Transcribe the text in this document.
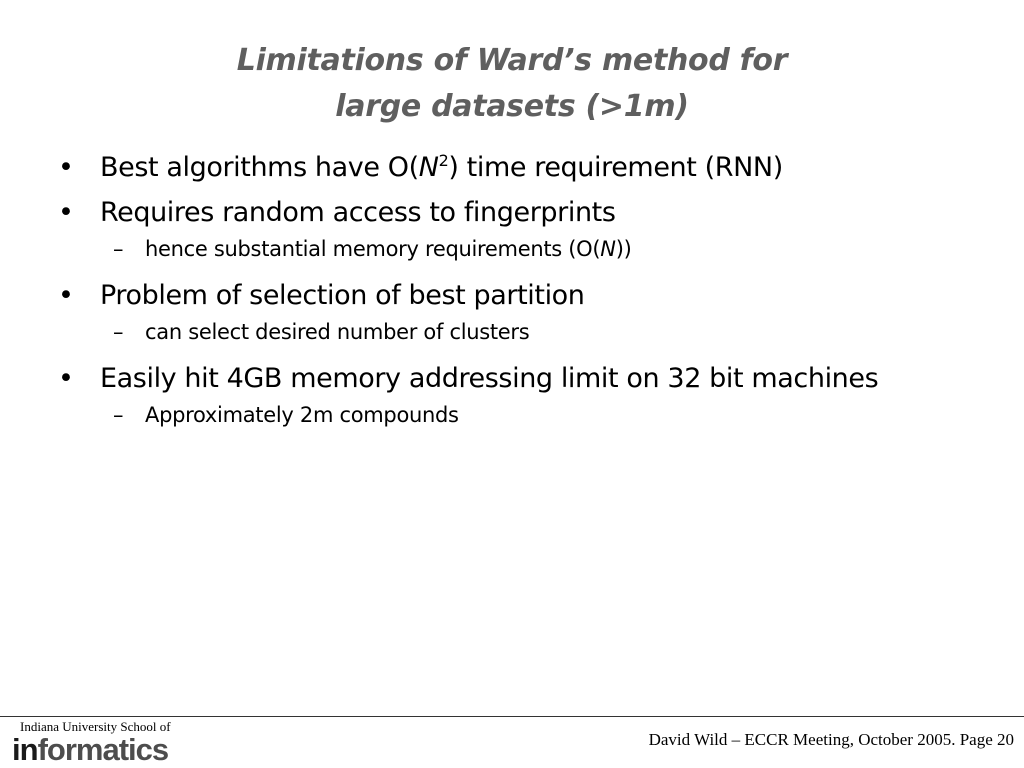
Limitations of Ward’s method for
large datasets (>1m)
• Best algorithms have $O(N^2)$ time requirement (RNN)
• Requires random access to fingerprints
– hence substantial memory requirements (O(N))
• Problem of selection of best partition
– can select desired number of clusters
• Easily hit 4GB memory addressing limit on 32 bit machines
– Approximately 2m compounds
Indiana University School of
informatics	David Wild – ECCR Meeting, October 2005. Page 20
